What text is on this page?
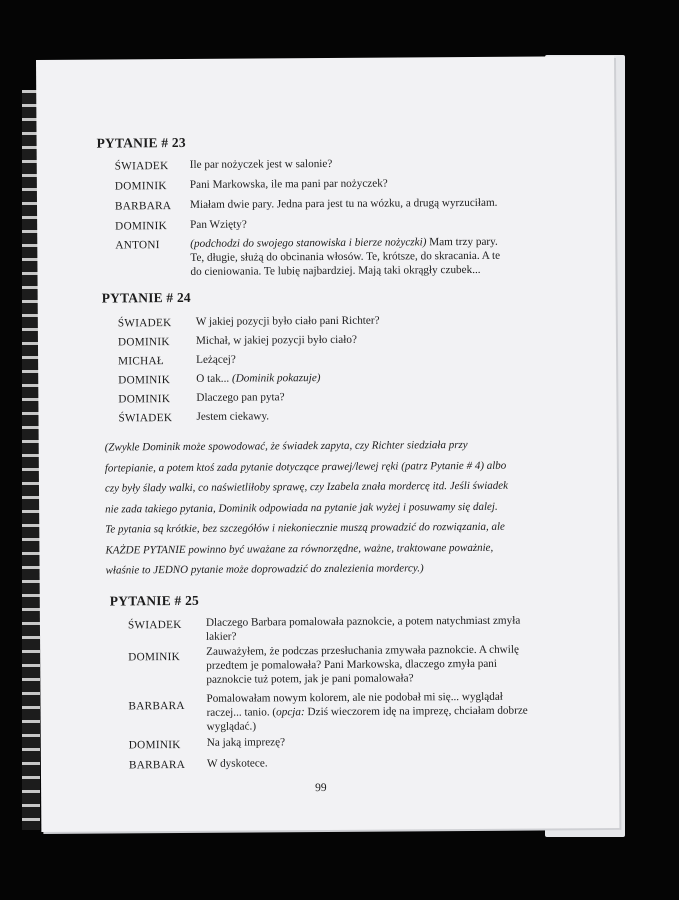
PYTANIE # 23
ŚWIADEK Ile par nożyczek jest w salonie?
DOMINIK Pani Markowska, ile ma pani par nożyczek?
BARBARA Miałam dwie pary. Jedna para jest tu na wózku, a drugą wyrzuciłam.
DOMINIK Pan Wzięty?
ANTONI	(podchodzi do swojego stanowiska i bierze nożyczki) Mam trzy pary.
Te, długie, służą do obcinania włosów. Te, krótsze, do skracania. A te
do cieniowania. Te lubię najbardziej. Mają taki okrągły czubek...
PYTANIE # 24
ŚWIADEK W jakiej pozycji było ciało pani Richter?
DOMINIK Michał, w jakiej pozycji było ciało?
MICHAŁ	Leżącej?
DOMINIK O tak... (Dominik pokazuje)
DOMINIK Dlaczego pan pyta?
ŚWIADEK Jestem ciekawy.
(Zwykle Dominik może spowodować, że świadek zapyta, czy Richter siedziała przy
fortepianie, a potem ktoś zada pytanie dotyczące prawej/lewej ręki (patrz Pytanie # 4) albo
czy były ślady walki, co naświetliłoby sprawę, czy Izabela znała mordercę itd. Jeśli świadek
nie zada takiego pytania, Dominik odpowiada na pytanie jak wyżej i posuwamy się dalej.
Te pytania są krótkie, bez szczegółów i niekoniecznie muszą prowadzić do rozwiązania, ale
KAŻDE PYTANIE powinno być uważane za równorzędne, ważne, traktowane poważnie,
właśnie to JEDNO pytanie może doprowadzić do znalezienia mordercy.)
PYTANIE # 25
ŚWIADEK Dlaczego Barbara pomalowała paznokcie, a potem natychmiast zmyła
lakier?
DOMINIK Zauważyłem, że podczas przesłuchania zmywała paznokcie. A chwilę
przedtem je pomalowała? Pani Markowska, dlaczego zmyła pani
paznokcie tuż potem, jak je pani pomalowała?
BARBARA
Pomalowałam nowym kolorem, ale nie podobał mi się... wyglądał
raczej... tanio. (opcja: Dziś wieczorem idę na imprezę, chciałam dobrze
wyglądać.)
DOMINIK Na jaką imprezę?
BARBARA W dyskotece.
99
